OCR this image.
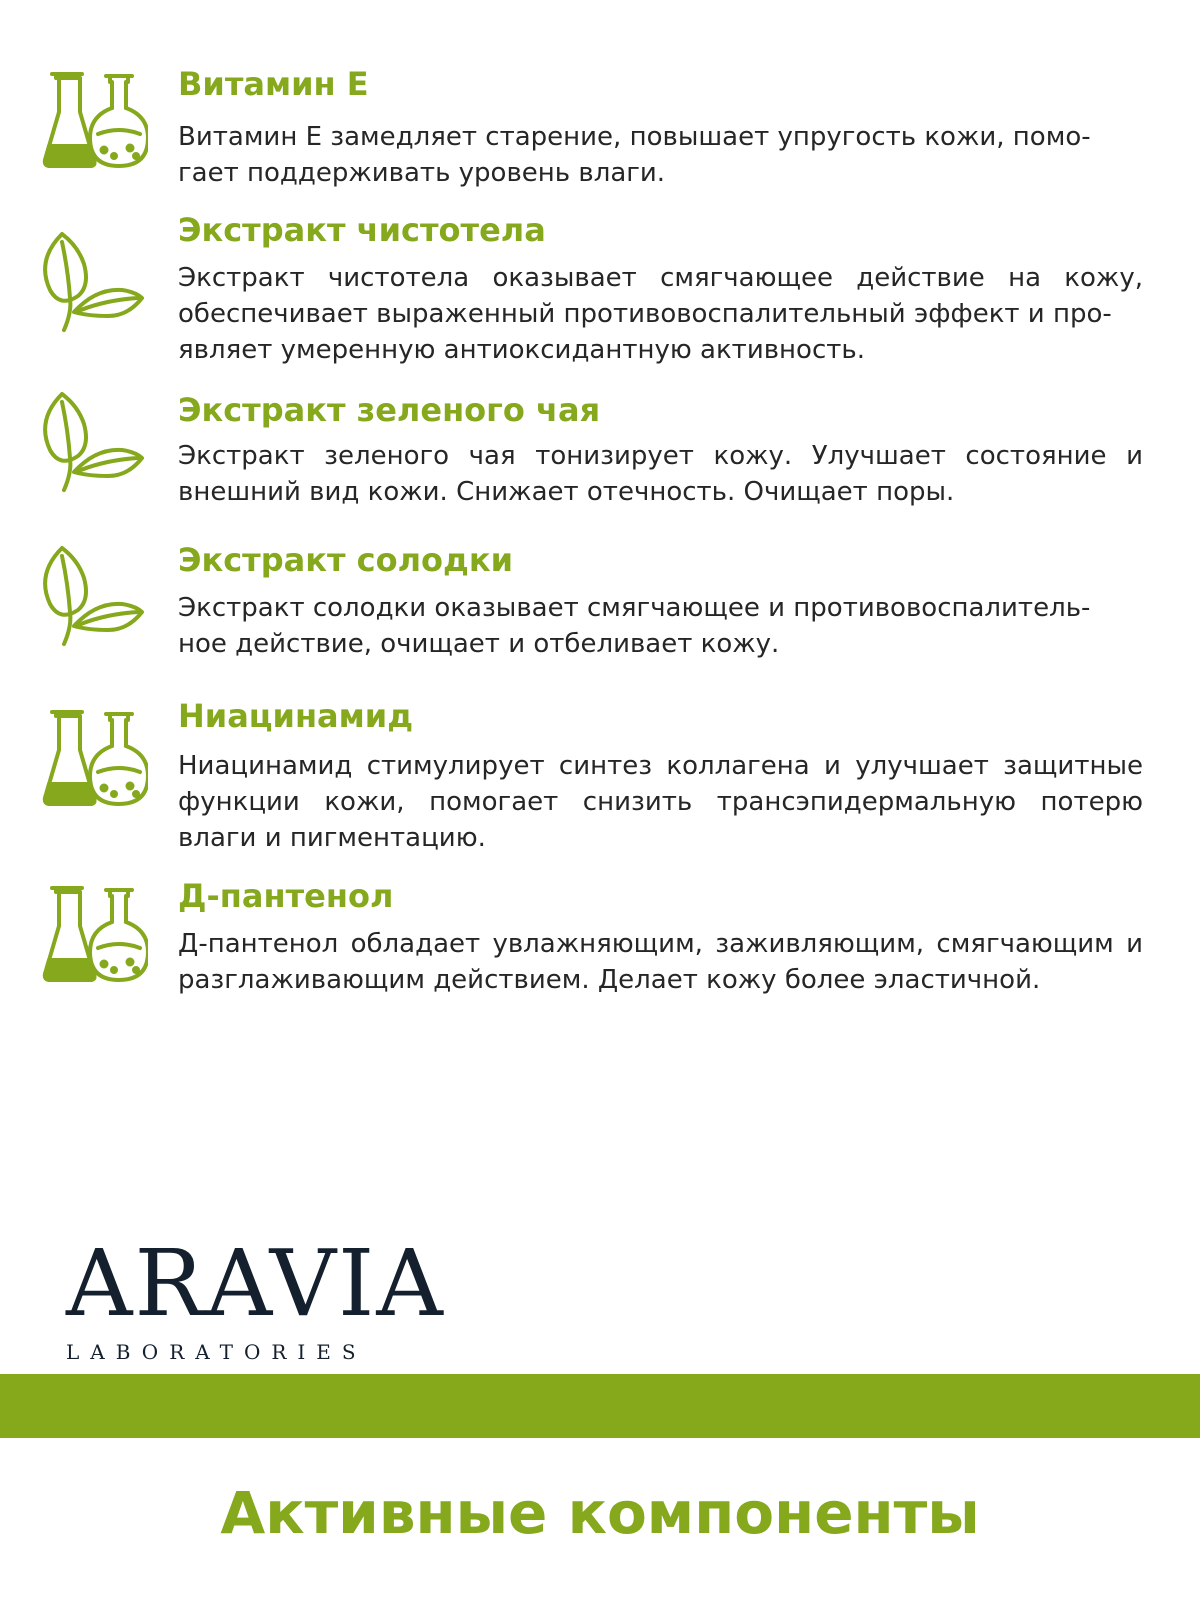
Витамин Е
Витамин Е замедляет старение, повышает упругость кожи, помо-
гает поддерживать уровень влаги.
Экстракт чистотела
Экстракт чистотела оказывает смягчающее действие на кожу, обеспечивает выраженный противовоспалительный эффект и про-
являет умеренную антиоксидантную активность.
Экстракт зеленого чая
Экстракт зеленого чая тонизирует кожу. Улучшает состояние и внешний вид кожи. Снижает отечность. Очищает поры.
Экстракт солодки
Экстракт солодки оказывает смягчающее и противовоспалитель-
ное действие, очищает и отбеливает кожу.
Ниацинамид
Ниацинамид стимулирует синтез коллагена и улучшает защитные функции кожи, помогает снизить трансэпидермальную потерю влаги и пигментацию.
Д-пантенол
Д-пантенол обладает увлажняющим, заживляющим, смягчающим и разглаживающим действием. Делает кожу более эластичной.
ARAVIA
LABORATORIES
Активные компоненты
